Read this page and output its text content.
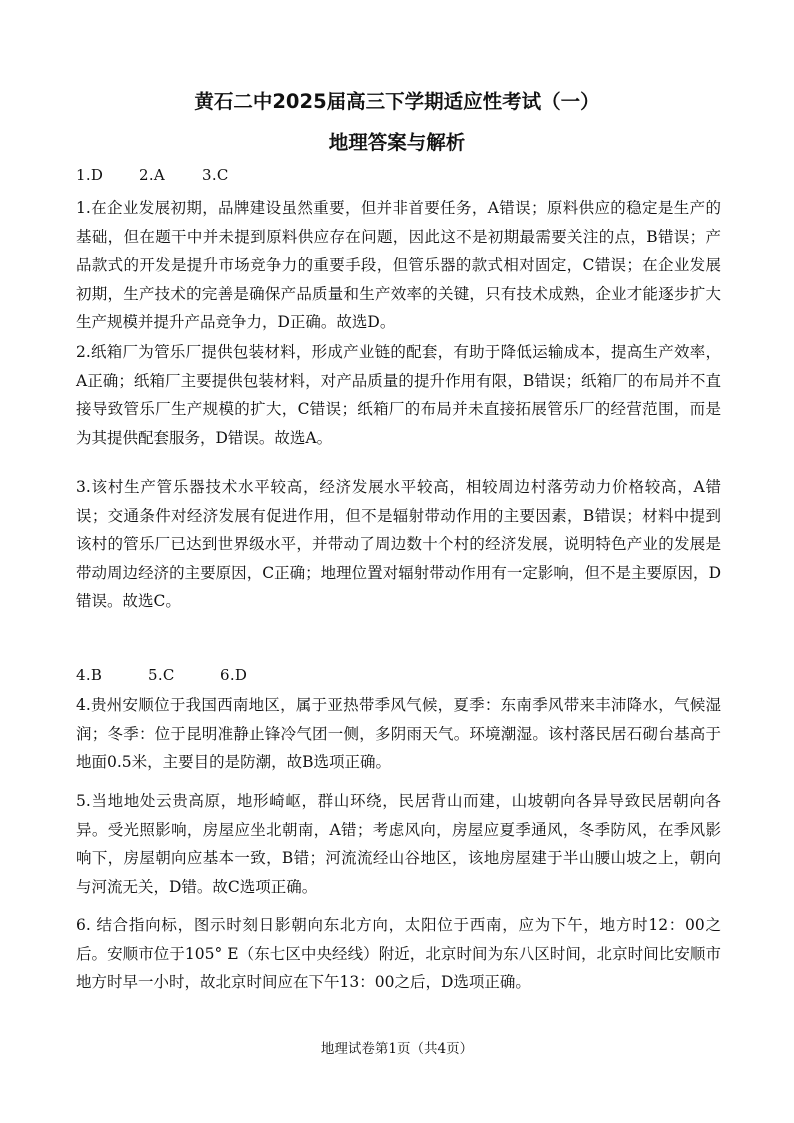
黄石二中2025届高三下学期适应性考试（一）
地理答案与解析
1.D 2.A 3.C
1.在企业发展初期，品牌建设虽然重要，但并非首要任务，A错误；原料供应的稳定是生产的基础，但在题干中并未提到原料供应存在问题，因此这不是初期最需要关注的点，B错误；产品款式的开发是提升市场竞争力的重要手段，但管乐器的款式相对固定，C错误；在企业发展初期，生产技术的完善是确保产品质量和生产效率的关键，只有技术成熟，企业才能逐步扩大生产规模并提升产品竞争力，D正确。故选D。
2.纸箱厂为管乐厂提供包装材料，形成产业链的配套，有助于降低运输成本，提高生产效率，A正确；纸箱厂主要提供包装材料，对产品质量的提升作用有限，B错误；纸箱厂的布局并不直接导致管乐厂生产规模的扩大，C错误；纸箱厂的布局并未直接拓展管乐厂的经营范围，而是为其提供配套服务，D错误。故选A。
3.该村生产管乐器技术水平较高，经济发展水平较高，相较周边村落劳动力价格较高，A错误；交通条件对经济发展有促进作用，但不是辐射带动作用的主要因素，B错误；材料中提到该村的管乐厂已达到世界级水平，并带动了周边数十个村的经济发展，说明特色产业的发展是带动周边经济的主要原因，C正确；地理位置对辐射带动作用有一定影响，但不是主要原因，D错误。故选C。
4.B	5.C	6.D
4.贵州安顺位于我国西南地区，属于亚热带季风气候，夏季：东南季风带来丰沛降水，气候湿润；冬季：位于昆明准静止锋冷气团一侧，多阴雨天气。环境潮湿。该村落民居石砌台基高于地面0.5米，主要目的是防潮，故B选项正确。
5.当地地处云贵高原，地形崎岖，群山环绕，民居背山而建，山坡朝向各异导致民居朝向各异。受光照影响，房屋应坐北朝南，A错；考虑风向，房屋应夏季通风，冬季防风，在季风影响下，房屋朝向应基本一致，B错；河流流经山谷地区，该地房屋建于半山腰山坡之上，朝向与河流无关，D错。故C选项正确。
6. 结合指向标，图示时刻日影朝向东北方向，太阳位于西南，应为下午，地方时12：00之后。安顺市位于105° E（东七区中央经线）附近，北京时间为东八区时间，北京时间比安顺市地方时早一小时，故北京时间应在下午13：00之后，D选项正确。
地理试卷第1页（共4页）
